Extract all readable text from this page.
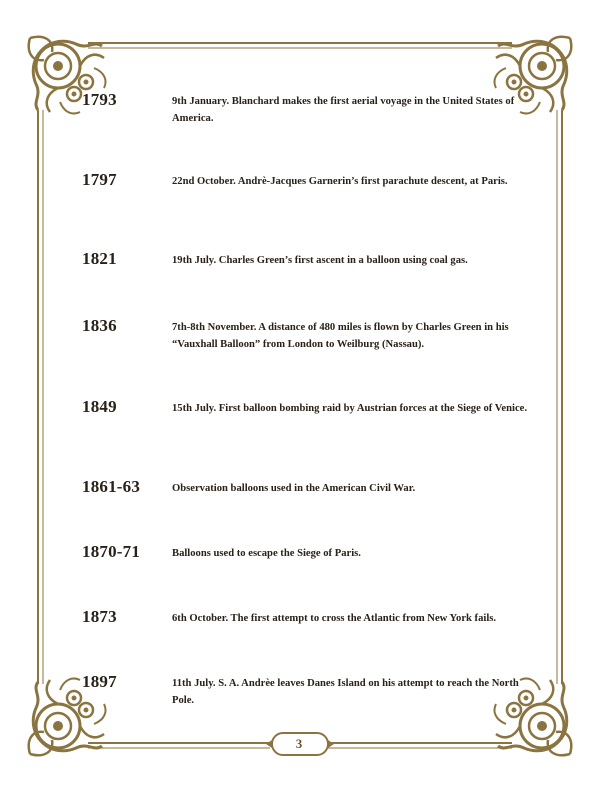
1793	9th January. Blanchard makes the first aerial voyage in the United States of America.
1797	22nd October. Andrè-Jacques Garnerin’s first parachute descent, at Paris.
1821	19th July. Charles Green’s first ascent in a balloon using coal gas.
1836	7th-8th November. A distance of 480 miles is flown by Charles Green in his “Vauxhall Balloon” from London to Weilburg (Nassau).
1849	15th July. First balloon bombing raid by Austrian forces at the Siege of Venice.
1861-63	Observation balloons used in the American Civil War.
1870-71	Balloons used to escape the Siege of Paris.
1873	6th October. The first attempt to cross the Atlantic from New York fails.
1897	11th July. S. A. Andrèe leaves Danes Island on his attempt to reach the North Pole.
3
